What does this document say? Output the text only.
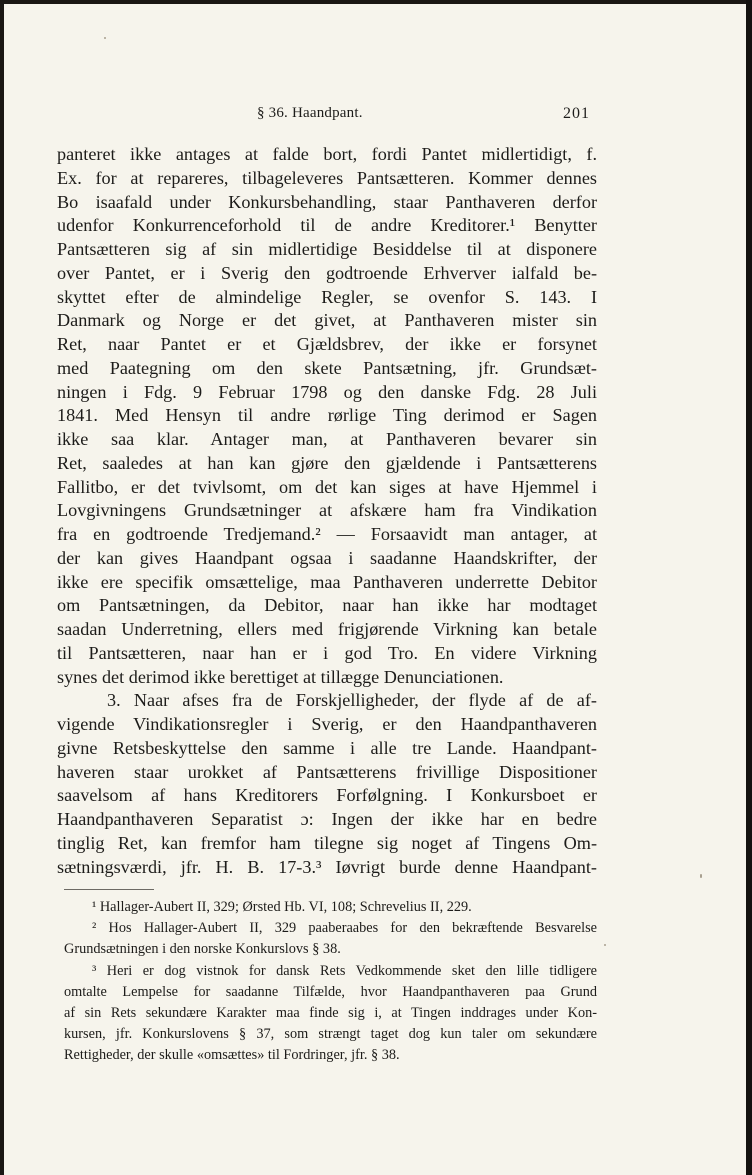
§ 36. Haandpant.	201
panteret ikke antages at falde bort, fordi Pantet midlertidigt, f.
Ex. for at repareres, tilbageleveres Pantsætteren. Kommer dennes
Bo isaafald under Konkursbehandling, staar Panthaveren derfor
udenfor Konkurrenceforhold til de andre Kreditorer.¹ Benytter
Pantsætteren sig af sin midlertidige Besiddelse til at disponere
over Pantet, er i Sverig den godtroende Erhverver ialfald be-
skyttet efter de almindelige Regler, se ovenfor S. 143. I
Danmark og Norge er det givet, at Panthaveren mister sin
Ret, naar Pantet er et Gjældsbrev, der ikke er forsynet
med Paategning om den skete Pantsætning, jfr. Grundsæt-
ningen i Fdg. 9 Februar 1798 og den danske Fdg. 28 Juli
1841. Med Hensyn til andre rørlige Ting derimod er Sagen
ikke saa klar. Antager man, at Panthaveren bevarer sin
Ret, saaledes at han kan gjøre den gjældende i Pantsætterens
Fallitbo, er det tvivlsomt, om det kan siges at have Hjemmel i
Lovgivningens Grundsætninger at afskære ham fra Vindikation
fra en godtroende Tredjemand.² — Forsaavidt man antager, at
der kan gives Haandpant ogsaa i saadanne Haandskrifter, der
ikke ere specifik omsættelige, maa Panthaveren underrette Debitor
om Pantsætningen, da Debitor, naar han ikke har modtaget
saadan Underretning, ellers med frigjørende Virkning kan betale
til Pantsætteren, naar han er i god Tro. En videre Virkning
synes det derimod ikke berettiget at tillægge Denunciationen.
3. Naar afses fra de Forskjelligheder, der flyde af de af-
vigende Vindikationsregler i Sverig, er den Haandpanthaveren
givne Retsbeskyttelse den samme i alle tre Lande. Haandpant-
haveren staar urokket af Pantsætterens frivillige Dispositioner
saavelsom af hans Kreditorers Forfølgning. I Konkursboet er
Haandpanthaveren Separatist ɔ: Ingen der ikke har en bedre
tinglig Ret, kan fremfor ham tilegne sig noget af Tingens Om-
sætningsværdi, jfr. H. B. 17-3.³ Iøvrigt burde denne Haandpant-
¹ Hallager-Aubert II, 329; Ørsted Hb. VI, 108; Schrevelius II, 229.
² Hos Hallager-Aubert II, 329 paaberaabes for den bekræftende Besvarelse
Grundsætningen i den norske Konkurslovs § 38.
³ Heri er dog vistnok for dansk Rets Vedkommende sket den lille tidligere
omtalte Lempelse for saadanne Tilfælde, hvor Haandpanthaveren paa Grund
af sin Rets sekundære Karakter maa finde sig i, at Tingen inddrages under Kon-
kursen, jfr. Konkurslovens § 37, som strængt taget dog kun taler om sekundære
Rettigheder, der skulle «omsættes» til Fordringer, jfr. § 38.
